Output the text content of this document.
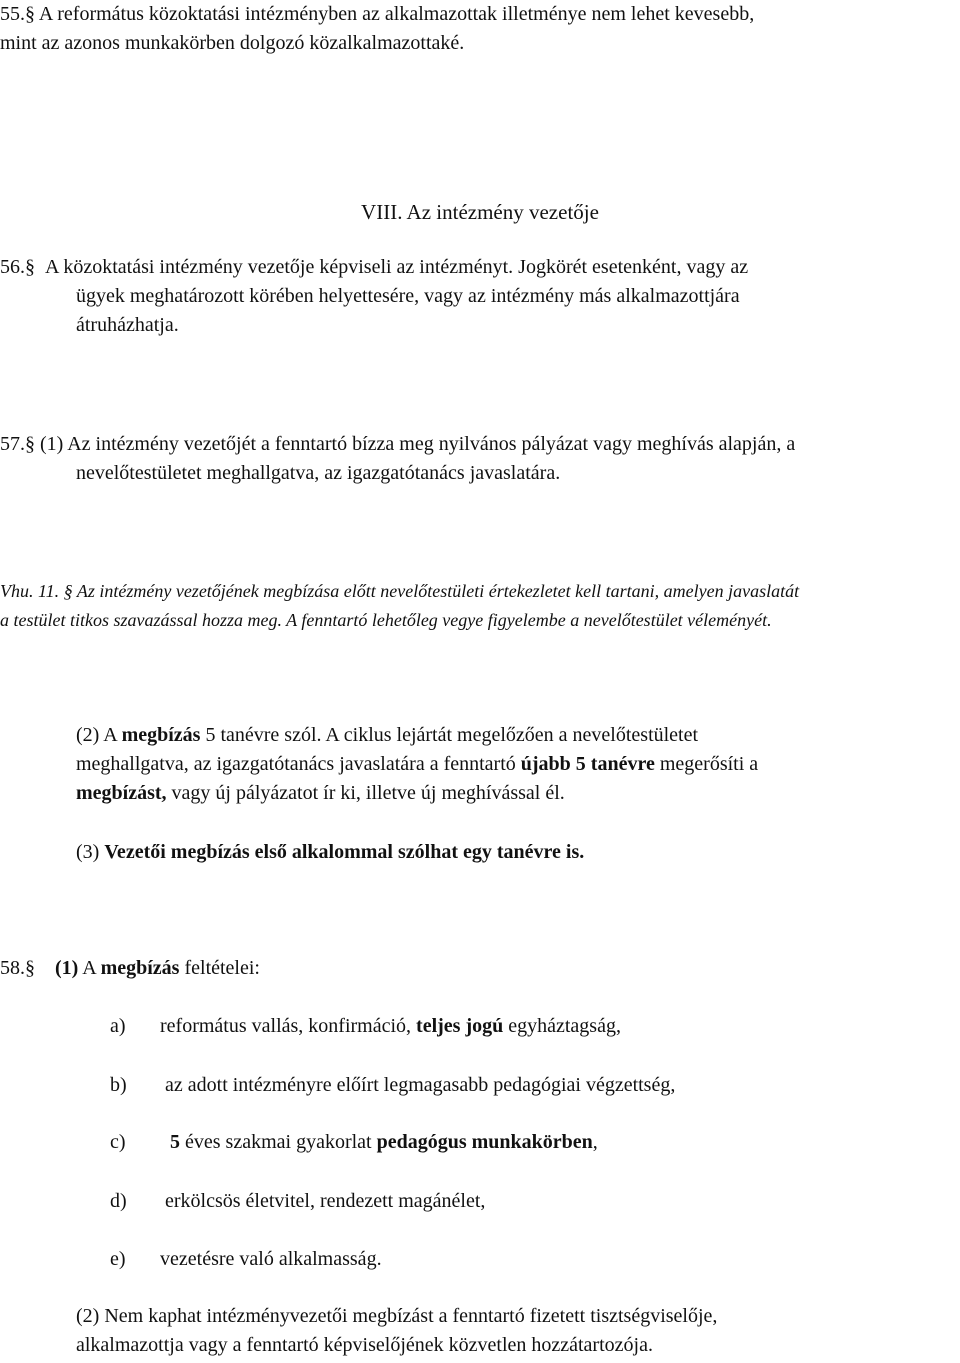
55.§ A református közoktatási intézményben az alkalmazottak illetménye nem lehet kevesebb,
mint az azonos munkakörben dolgozó közalkalmazottaké.
VIII. Az intézmény vezetője
56.§ A közoktatási intézmény vezetője képviseli az intézményt. Jogkörét esetenként, vagy az
ügyek meghatározott körében helyettesére, vagy az intézmény más alkalmazottjára
átruházhatja.
57.§ (1) Az intézmény vezetőjét a fenntartó bízza meg nyilvános pályázat vagy meghívás alapján, a
nevelőtestületet meghallgatva, az igazgatótanács javaslatára.
Vhu. 11. § Az intézmény vezetőjének megbízása előtt nevelőtestületi értekezletet kell tartani, amelyen javaslatát
a testület titkos szavazással hozza meg. A fenntartó lehetőleg vegye figyelembe a nevelőtestület véleményét.
(2) A megbízás 5 tanévre szól. A ciklus lejártát megelőzően a nevelőtestületet
meghallgatva, az igazgatótanács javaslatára a fenntartó újabb 5 tanévre megerősíti a
megbízást, vagy új pályázatot ír ki, illetve új meghívással él.
(3) Vezetői megbízás első alkalommal szólhat egy tanévre is.
58.§ (1) A megbízás feltételei:
a) református vallás, konfirmáció, teljes jogú egyháztagság,
b) az adott intézményre előírt legmagasabb pedagógiai végzettség,
c) 5 éves szakmai gyakorlat pedagógus munkakörben,
d) erkölcsös életvitel, rendezett magánélet,
e) vezetésre való alkalmasság.
(2) Nem kaphat intézményvezetői megbízást a fenntartó fizetett tisztségviselője,
alkalmazottja vagy a fenntartó képviselőjének közvetlen hozzátartozója.
